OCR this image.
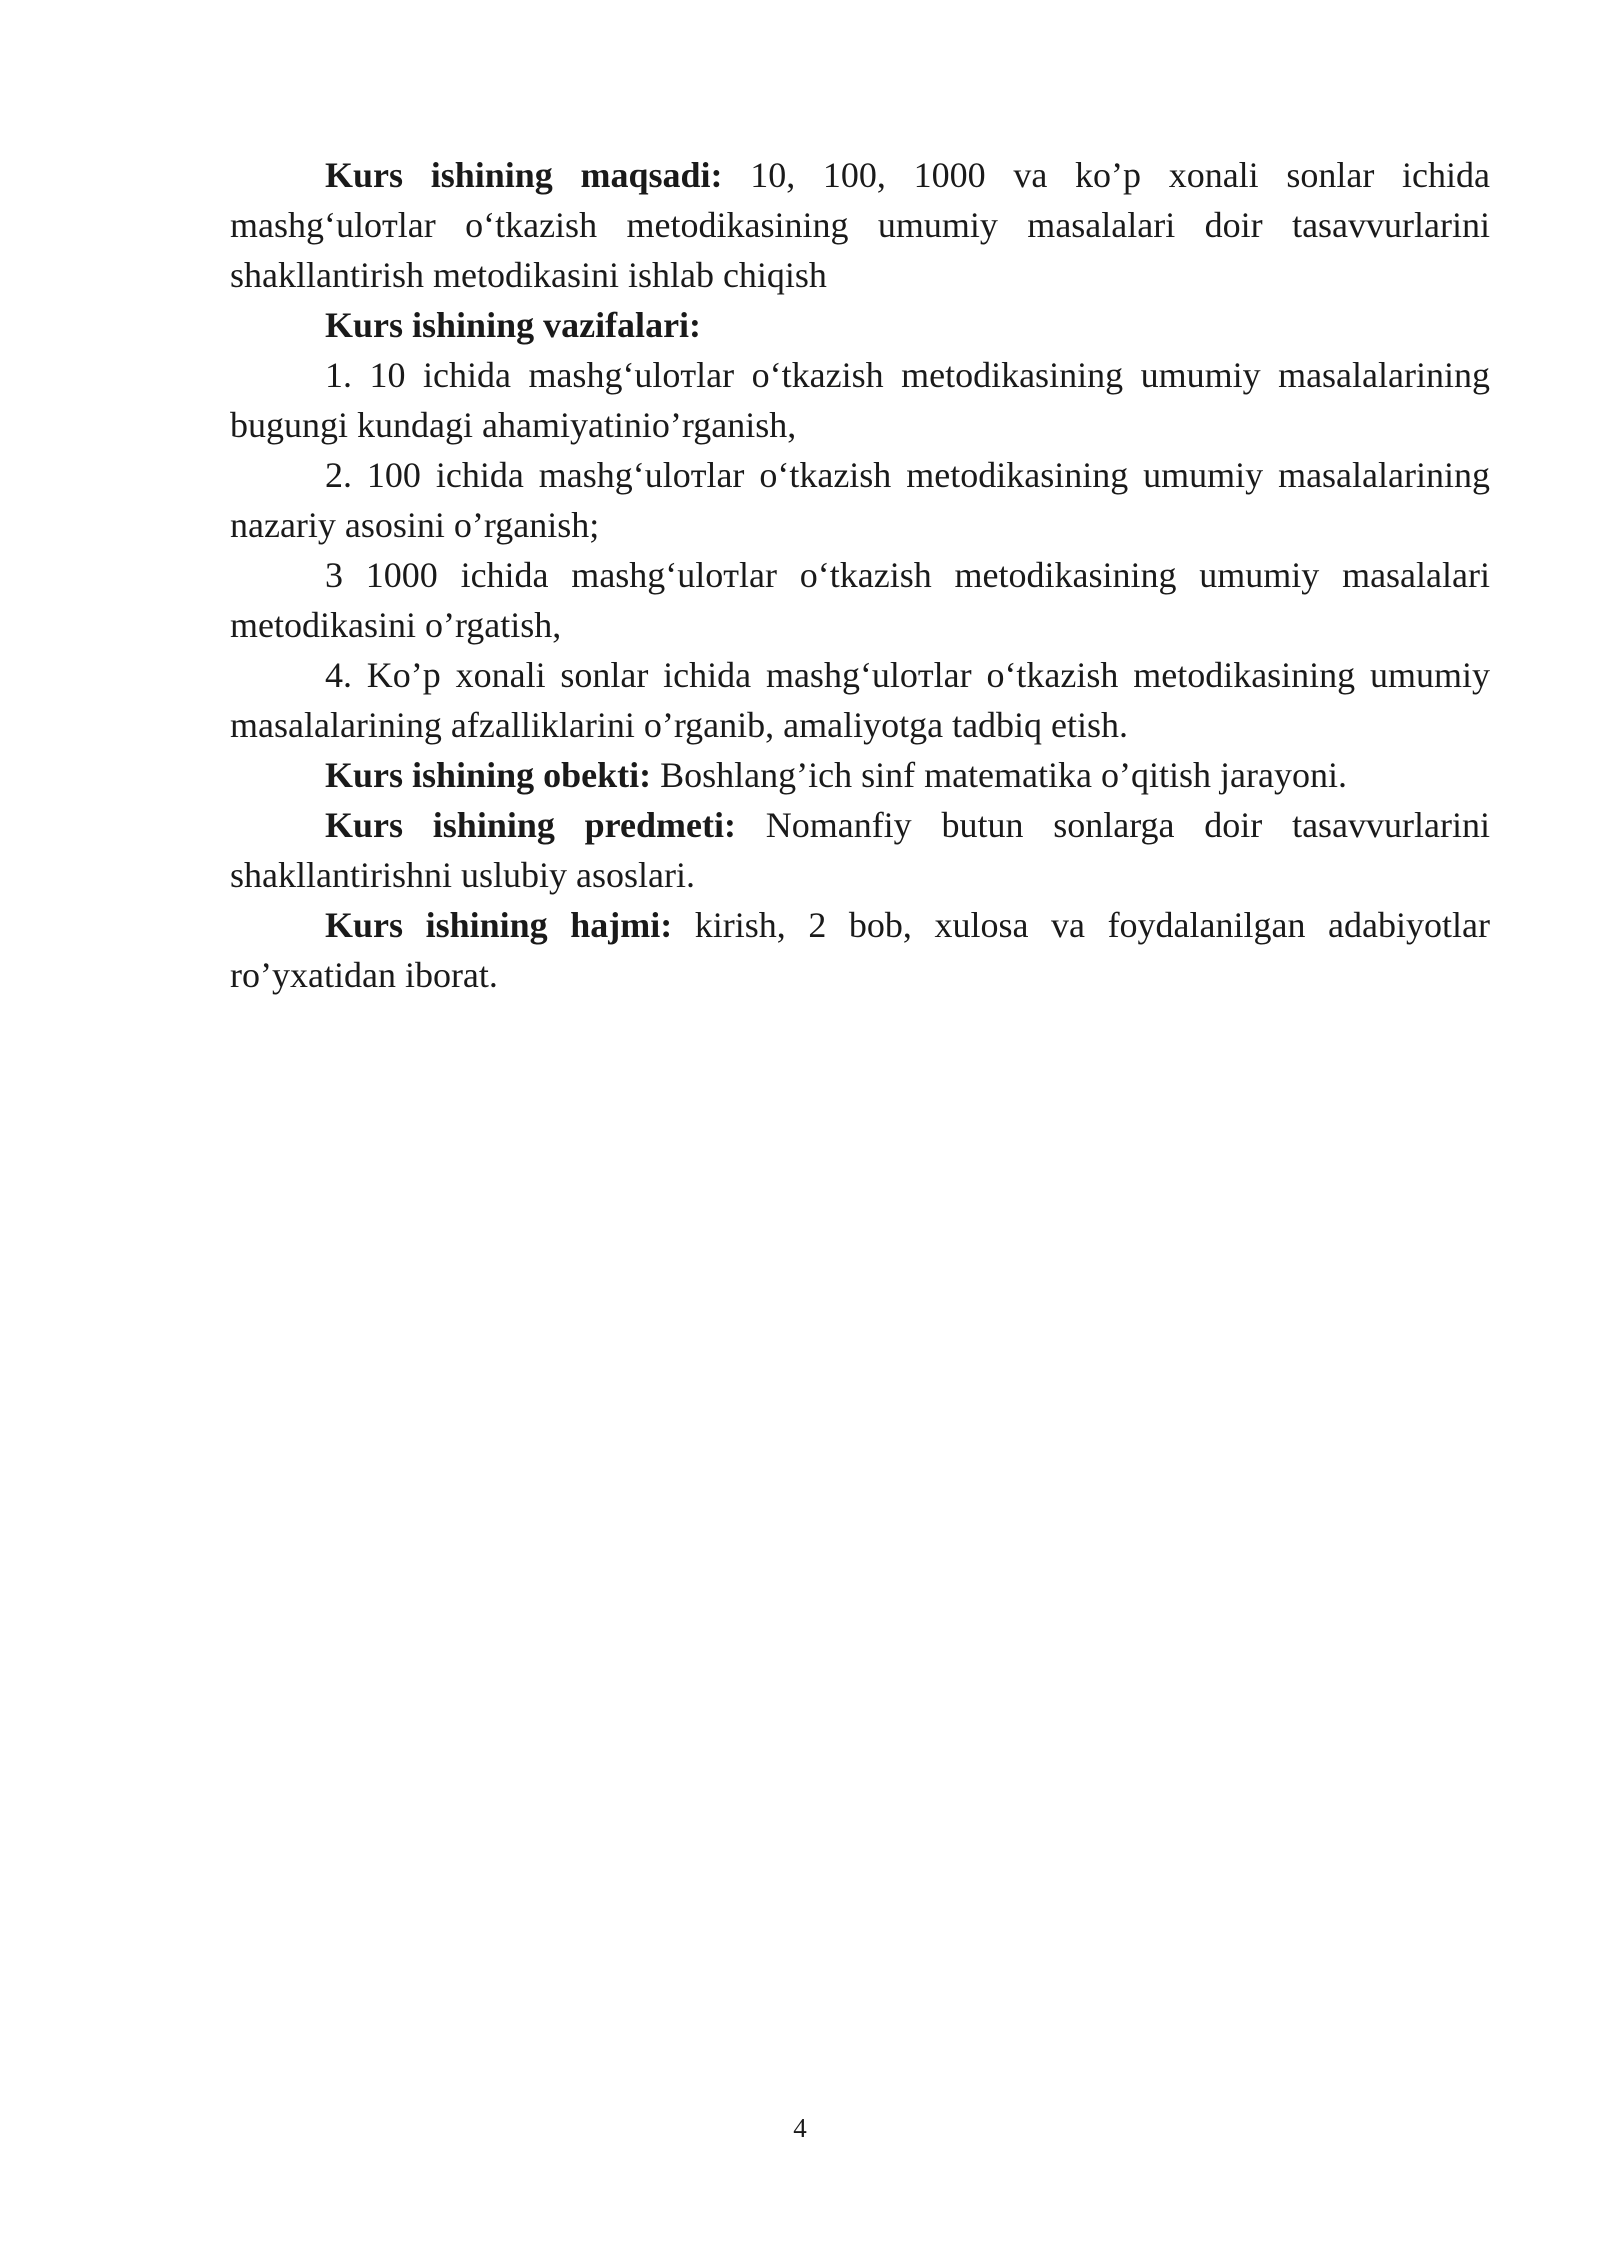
Kurs ishining maqsadi: 10, 100, 1000 va ko’p xonali sonlar ichida mashg‘uloтlar o‘tkazish metodikasining umumiy masalalari doir tasavvurlarini shakllantirish metodikasini ishlab chiqish

Kurs ishining vazifalari:

1. 10 ichida mashg‘uloтlar o‘tkazish metodikasining umumiy masalalarining bugungi kundagi ahamiyatinio’rganish,

2. 100 ichida mashg‘uloтlar o‘tkazish metodikasining umumiy masalalarining nazariy asosini o’rganish;

3 1000 ichida mashg‘uloтlar o‘tkazish metodikasining umumiy masalalari metodikasini o’rgatish,

4. Ko’p xonali sonlar ichida mashg‘uloтlar o‘tkazish metodikasining umumiy masalalarining afzalliklarini o’rganib, amaliyotga tadbiq etish.

Kurs ishining obekti: Boshlang’ich sinf matematika o’qitish jarayoni.

Kurs ishining predmeti: Nomanfiy butun sonlarga doir tasavvurlarini shakllantirishni uslubiy asoslari.

Kurs ishining hajmi: kirish, 2 bob, xulosa va foydalanilgan adabiyotlar ro’yxatidan iborat.

4
